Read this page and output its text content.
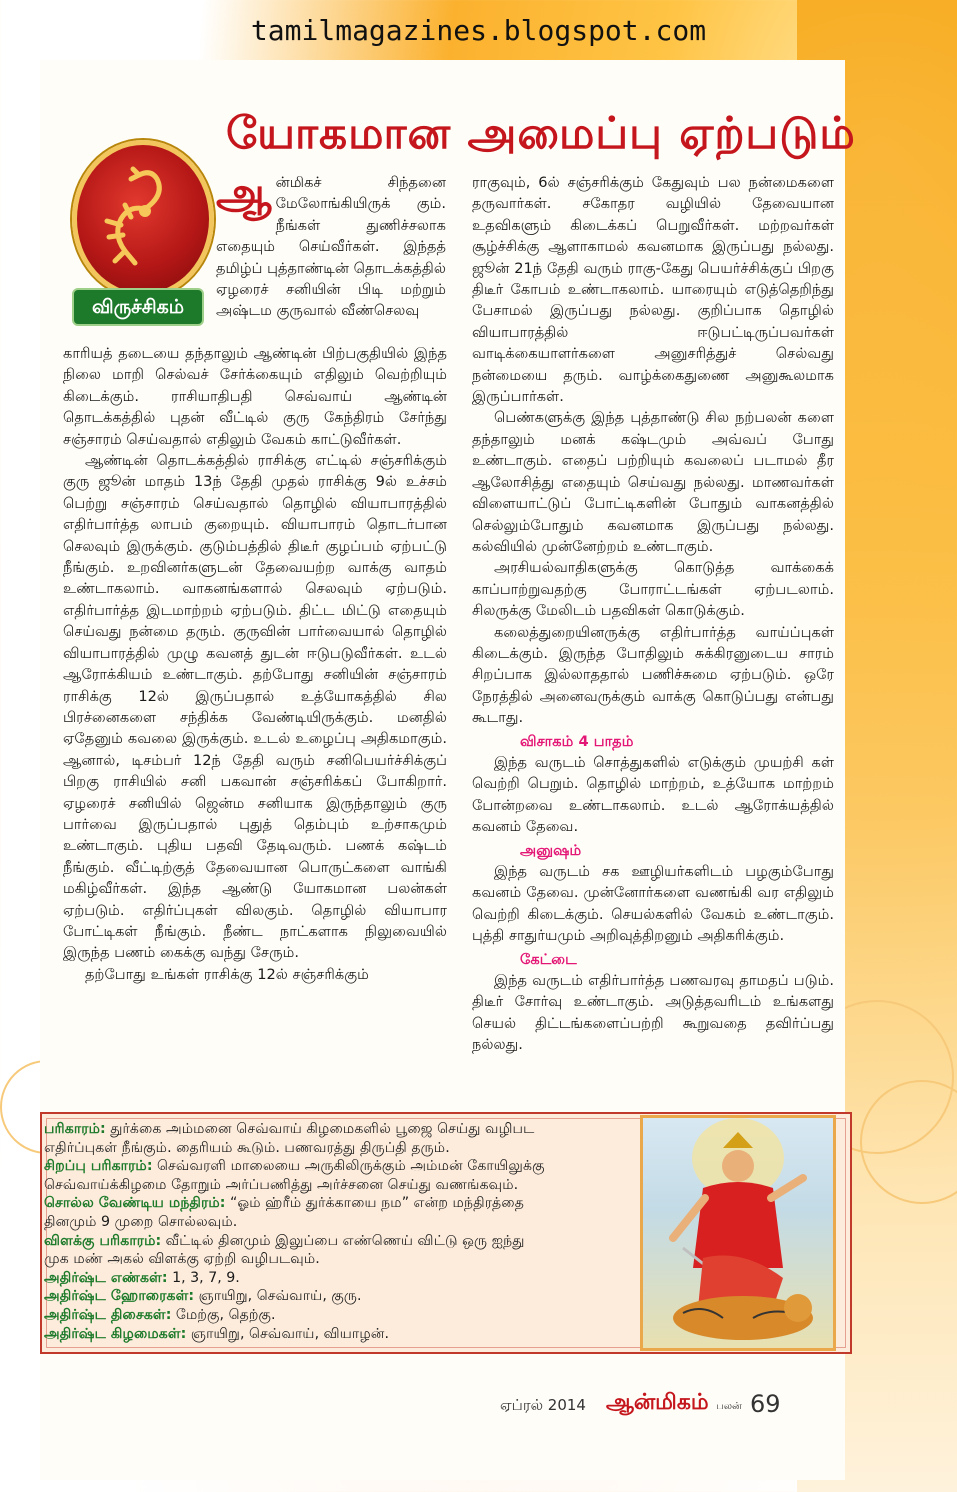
tamilmagazines.blogspot.com
யோகமான அமைப்பு ஏற்படும்
விருச்சிகம்

ஆன்மிகச் சிந்தனை மேலோங்கியிருக் கும். நீங்கள் துணிச்சலாக எதையும் செய்வீர்கள். இந்தத் தமிழ்ப் புத்தாண்டின் தொடக்கத்தில் ஏழரைச் சனியின் பிடி மற்றும் அஷ்டம குருவால் வீண்செலவு

காரியத் தடையை தந்தாலும் ஆண்டின் பிற்பகுதியில் இந்த நிலை மாறி செல்வச் சேர்க்கையும் எதிலும் வெற்றியும் கிடைக்கும். ராசியாதிபதி செவ்வாய் ஆண்டின் தொடக்கத்தில் புதன் வீட்டில் குரு கேந்திரம் சேர்ந்து சஞ்சாரம் செய்வதால் எதிலும் வேகம் காட்டுவீர்கள்.

ஆண்டின் தொடக்கத்தில் ராசிக்கு எட்டில் சஞ்சரிக்கும் குரு ஜூன் மாதம் 13ந் தேதி முதல் ராசிக்கு 9ல் உச்சம் பெற்று சஞ்சாரம் செய்வதால் தொழில் வியாபாரத்தில் எதிர்பார்த்த லாபம் குறையும். வியாபாரம் தொடர்பான செலவும் இருக்கும். குடும்பத்தில் திடீர் குழப்பம் ஏற்பட்டு நீங்கும். உறவினர்களுடன் தேவையற்ற வாக்கு வாதம் உண்டாகலாம். வாகனங்களால் செலவும் ஏற்படும். எதிர்பார்த்த இடமாற்றம் ஏற்படும். திட்ட மிட்டு எதையும் செய்வது நன்மை தரும். குருவின் பார்வையால் தொழில் வியாபாரத்தில் முழு கவனத் துடன் ஈடுபடுவீர்கள். உடல் ஆரோக்கியம் உண்டாகும். தற்போது சனியின் சஞ்சாரம் ராசிக்கு 12ல் இருப்பதால் உத்யோகத்தில் சில பிரச்னைகளை சந்திக்க வேண்டியிருக்கும். மனதில் ஏதேனும் கவலை இருக்கும். உடல் உழைப்பு அதிகமாகும். ஆனால், டிசம்பர் 12ந் தேதி வரும் சனிபெயர்ச்சிக்குப் பிறகு ராசியில் சனி பகவான் சஞ்சரிக்கப் போகிறார். ஏழரைச் சனியில் ஜென்ம சனியாக இருந்தாலும் குரு பார்வை இருப்பதால் புதுத் தெம்பும் உற்சாகமும் உண்டாகும். புதிய பதவி தேடிவரும். பணக் கஷ்டம் நீங்கும். வீட்டிற்குத் தேவையான பொருட்களை வாங்கி மகிழ்வீர்கள். இந்த ஆண்டு யோகமான பலன்கள் ஏற்படும். எதிர்ப்புகள் விலகும். தொழில் வியாபார போட்டிகள் நீங்கும். நீண்ட நாட்களாக நிலுவையில் இருந்த பணம் கைக்கு வந்து சேரும்.

தற்போது உங்கள் ராசிக்கு 12ல் சஞ்சரிக்கும்

ராகுவும், 6ல் சஞ்சரிக்கும் கேதுவும் பல நன்மைகளை தருவார்கள். சகோதர வழியில் தேவையான உதவிகளும் கிடைக்கப் பெறுவீர்கள். மற்றவர்கள் சூழ்ச்சிக்கு ஆளாகாமல் கவனமாக இருப்பது நல்லது. ஜூன் 21ந் தேதி வரும் ராகு-கேது பெயர்ச்சிக்குப் பிறகு திடீர் கோபம் உண்டாகலாம். யாரையும் எடுத்தெறிந்து பேசாமல் இருப்பது நல்லது. குறிப்பாக தொழில் வியாபாரத்தில் ஈடுபட்டிருப்பவர்கள் வாடிக்கையாளர்களை அனுசரித்துச் செல்வது நன்மையை தரும். வாழ்க்கைதுணை அனுகூலமாக இருப்பார்கள்.

பெண்களுக்கு இந்த புத்தாண்டு சில நற்பலன் களை தந்தாலும் மனக் கஷ்டமும் அவ்வப் போது உண்டாகும். எதைப் பற்றியும் கவலைப் படாமல் தீர ஆலோசித்து எதையும் செய்வது நல்லது. மாணவர்கள் விளையாட்டுப் போட்டிகளின் போதும் வாகனத்தில் செல்லும்போதும் கவனமாக இருப்பது நல்லது. கல்வியில் முன்னேற்றம் உண்டாகும்.

அரசியல்வாதிகளுக்கு கொடுத்த வாக்கைக் காப்பாற்றுவதற்கு போராட்டங்கள் ஏற்படலாம். சிலருக்கு மேலிடம் பதவிகள் கொடுக்கும்.

கலைத்துறையினருக்கு எதிர்பார்த்த வாய்ப்புகள் கிடைக்கும். இருந்த போதிலும் சுக்கிரனுடைய சாரம் சிறப்பாக இல்லாததால் பணிச்சுமை ஏற்படும். ஒரே நேரத்தில் அனைவருக்கும் வாக்கு கொடுப்பது என்பது கூடாது.

விசாகம் 4 பாதம்

இந்த வருடம் சொத்துகளில் எடுக்கும் முயற்சி கள் வெற்றி பெறும். தொழில் மாற்றம், உத்யோக மாற்றம் போன்றவை உண்டாகலாம். உடல் ஆரோக்யத்தில் கவனம் தேவை.

அனுஷம்

இந்த வருடம் சக ஊழியர்களிடம் பழகும்போது கவனம் தேவை. முன்னோர்களை வணங்கி வர எதிலும் வெற்றி கிடைக்கும். செயல்களில் வேகம் உண்டாகும். புத்தி சாதுர்யமும் அறிவுத்திறனும் அதிகரிக்கும்.

கேட்டை

இந்த வருடம் எதிர்பார்த்த பணவரவு தாமதப் படும். திடீர் சோர்வு உண்டாகும். அடுத்தவரிடம் உங்களது செயல் திட்டங்களைப்பற்றி கூறுவதை தவிர்ப்பது நல்லது.

பரிகாரம்: துர்க்கை அம்மனை செவ்வாய் கிழமைகளில் பூஜை செய்து வழிபட
எதிர்ப்புகள் நீங்கும். தைரியம் கூடும். பணவரத்து திருப்தி தரும்.
சிறப்பு பரிகாரம்: செவ்வரளி மாலையை அருகிலிருக்கும் அம்மன் கோயிலுக்கு
செவ்வாய்க்கிழமை தோறும் அர்ப்பணித்து அர்ச்சனை செய்து வணங்கவும்.
சொல்ல வேண்டிய மந்திரம்: “ஓம் ஹ்ரீம் துர்க்காயை நம” என்ற மந்திரத்தை
தினமும் 9 முறை சொல்லவும்.
விளக்கு பரிகாரம்: வீட்டில் தினமும் இலுப்பை எண்ணெய் விட்டு ஒரு ஐந்து
முக மண் அகல் விளக்கு ஏற்றி வழிபடவும்.
அதிர்ஷ்ட எண்கள்: 1, 3, 7, 9.
அதிர்ஷ்ட ஹோரைகள்: ஞாயிறு, செவ்வாய், குரு.
அதிர்ஷ்ட திசைகள்: மேற்கு, தெற்கு.
அதிர்ஷ்ட கிழமைகள்: ஞாயிறு, செவ்வாய், வியாழன்.
ஏப்ரல் 2014 ஆன்மிகம் பலன் 69
